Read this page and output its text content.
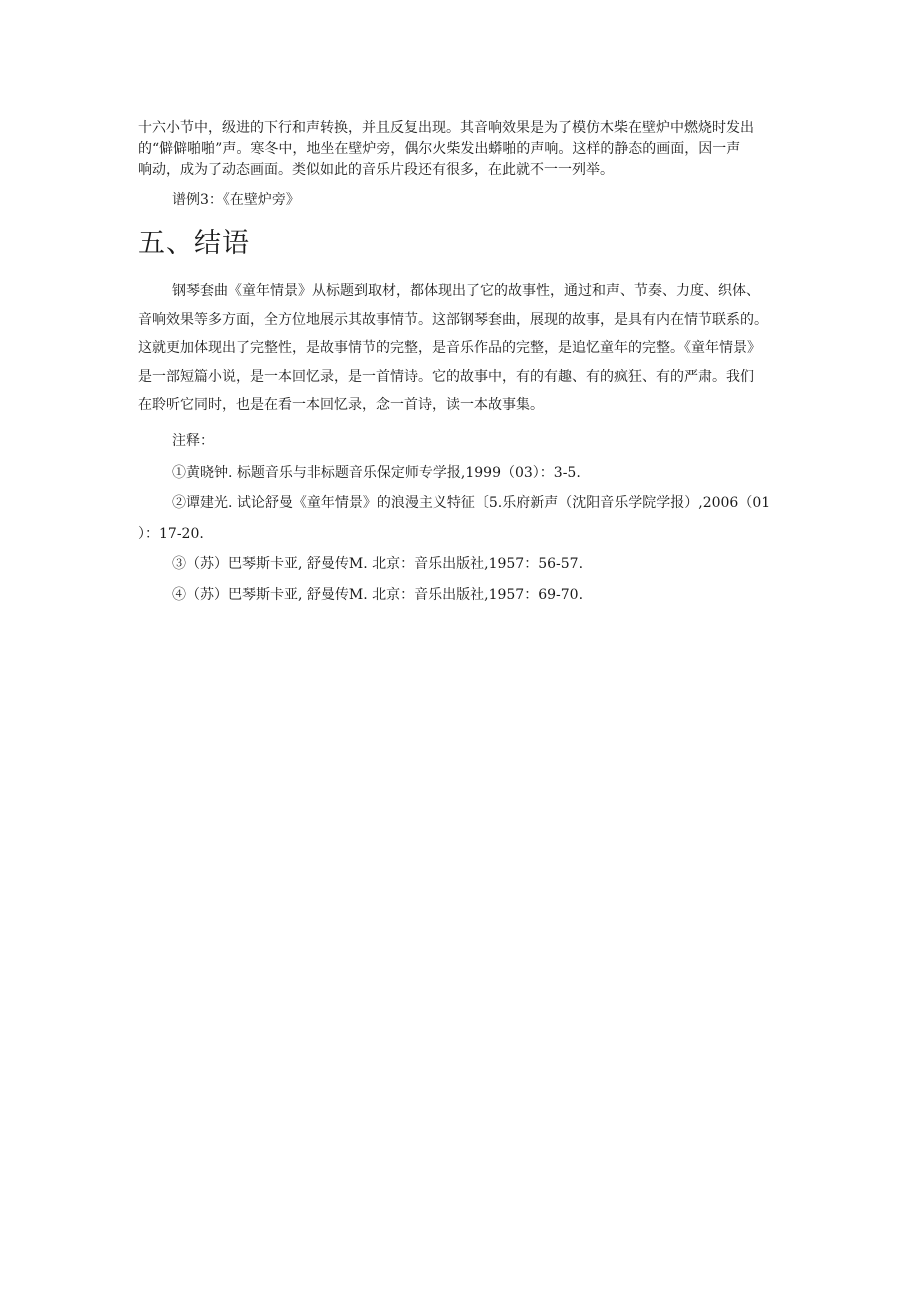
十六小节中，级进的下行和声转换，并且反复出现。其音响效果是为了模仿木柴在壁炉中燃烧时发出

的“僻僻啪啪”声。寒冬中，地坐在壁炉旁，偶尔火柴发出蟒啪的声响。这样的静态的画面，因一声

响动，成为了动态画面。类似如此的音乐片段还有很多，在此就不一一列举。

谱例3：《在壁炉旁》
五、结语

钢琴套曲《童年情景》从标题到取材，都体现出了它的故事性，通过和声、节奏、力度、织体、

音响效果等多方面，全方位地展示其故事情节。这部钢琴套曲，展现的故事，是具有内在情节联系的。

这就更加体现出了完整性，是故事情节的完整，是音乐作品的完整，是追忆童年的完整。《童年情景》

是一部短篇小说，是一本回忆录，是一首情诗。它的故事中，有的有趣、有的疯狂、有的严肃。我们

在聆听它同时，也是在看一本回忆录，念一首诗，读一本故事集。

注释：
①黄晓钟. 标题音乐与非标题音乐保定师专学报,1999（03）：3-5.
②谭建光. 试论舒曼《童年情景》的浪漫主义特征〔5.乐府新声（沈阳音乐学院学报）,2006（01
）：17-20.
③（苏）巴琴斯卡亚, 舒曼传M. 北京：音乐出版社,1957：56-57.
④（苏）巴琴斯卡亚, 舒曼传M. 北京：音乐出版社,1957：69-70.
